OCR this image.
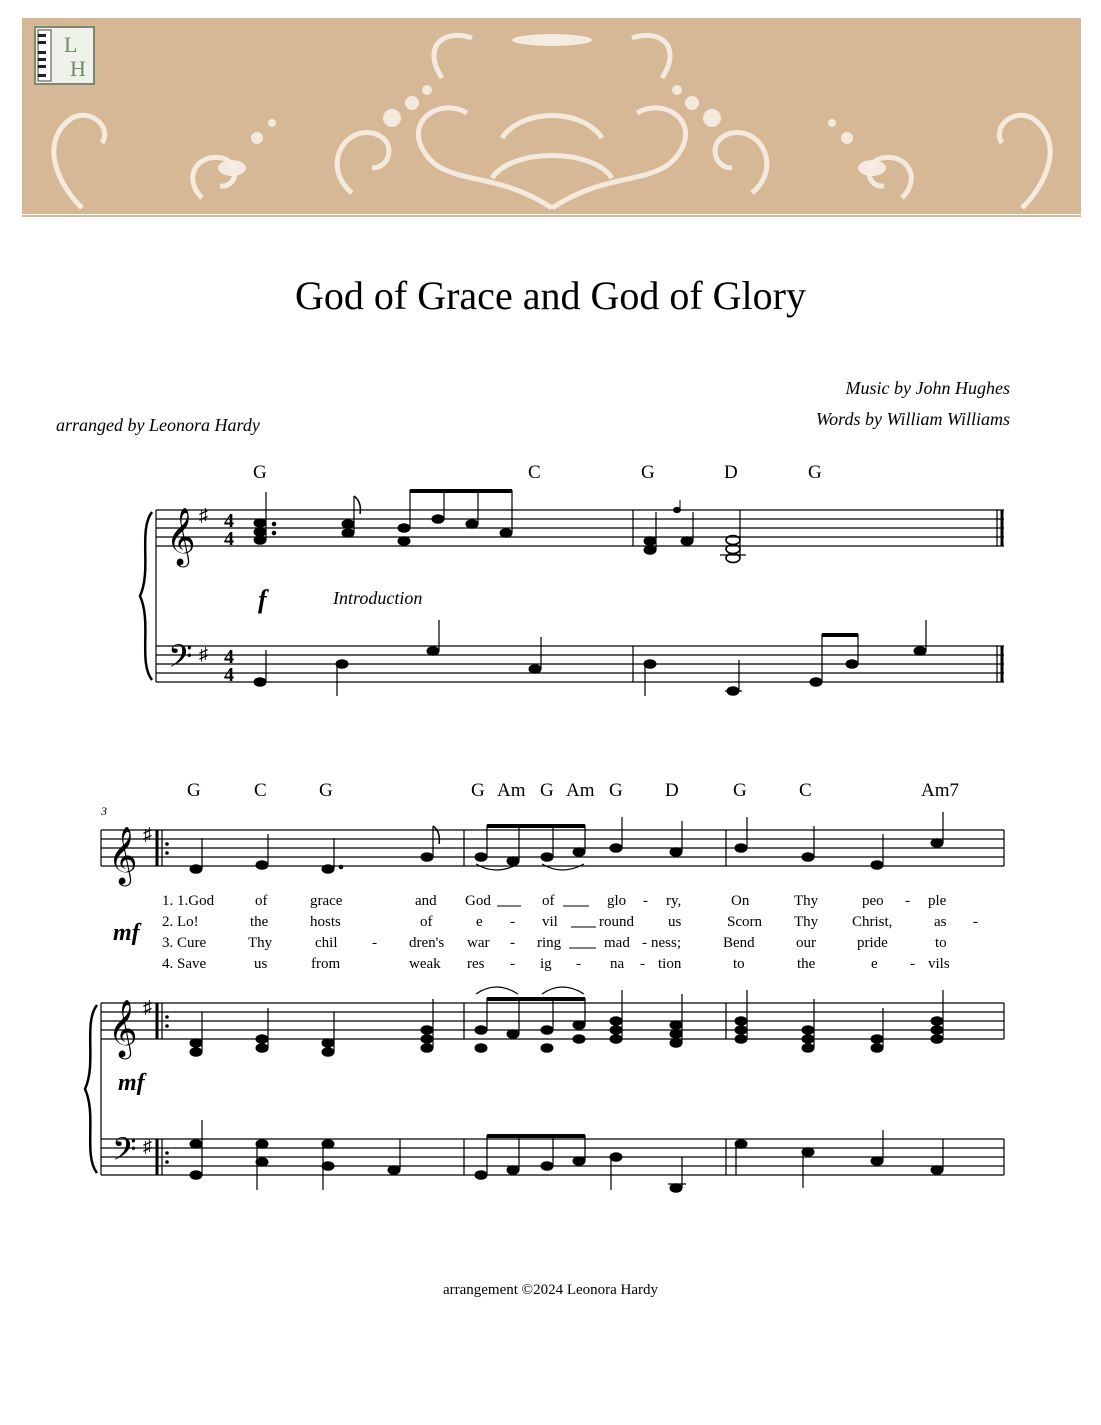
L
H
God of Grace and God of Glory
Music by John Hughes
Words by William Williams
arranged by Leonora Hardy
G	C	G	D	G
𝄞
𝄢
♯
♯
4
4
4
4
f	Introduction
G	C	G	G Am G Am G D	G	C	Am7
3
𝄞 ♯
1. 1.God	of	grace	and God	of	glo - ry,	On	Thy	peo - ple
2. Lo!	the	hosts	of	e - vil	round us	Scorn Thy Christ,	as -
3. Cure	Thy	chil - dren's war - ring	mad - ness;	Bend	our	pride	to
4. Save	us	from	weak res - ig - na - tion	to	the	e - vils
mf
𝄞 ♯
𝄢 ♯
mf
arrangement ©2024 Leonora Hardy
